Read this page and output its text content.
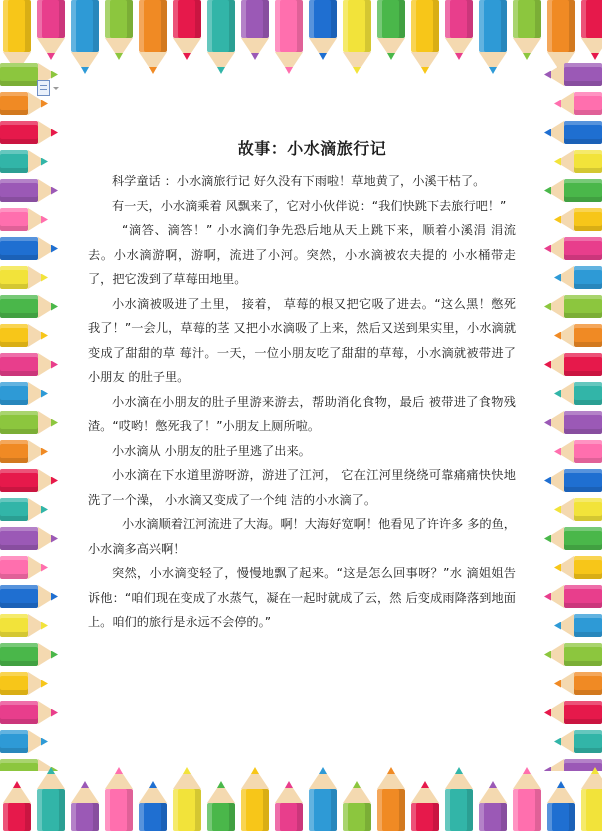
故事：小水滴旅行记

科学童话 ：小水滴旅行记 好久没有下雨啦！草地黄了，小溪干枯了。

有一天，小水滴乘着 风飘来了，它对小伙伴说：“我们快跳下去旅行吧！”

“滴答、滴答！” 小水滴们争先恐后地从天上跳下来，顺着小溪涓 涓流去。小水滴游啊，游啊，流进了小河。突然，小水滴被农夫提的 小水桶带走了，把它泼到了草莓田地里。

小水滴被吸进了土里， 接着， 草莓的根又把它吸了进去。“这么黑！憋死我了！”一会儿，草莓的茎 又把小水滴吸了上来，然后又送到果实里，小水滴就变成了甜甜的草 莓汁。一天，一位小朋友吃了甜甜的草莓，小水滴就被带进了小朋友 的肚子里。

小水滴在小朋友的肚子里游来游去，帮助消化食物，最后 被带进了食物残渣。“哎哟！憋死我了！”小朋友上厕所啦。

小水滴从 小朋友的肚子里逃了出来。

小水滴在下水道里游呀游，游进了江河， 它在江河里绕绕可靠痛痛快快地洗了一个澡， 小水滴又变成了一个纯 洁的小水滴了。

小水滴顺着江河流进了大海。啊！大海好宽啊！他看见了许许多 多的鱼，小水滴多高兴啊！

突然，小水滴变轻了，慢慢地飘了起来。“这是怎么回事呀？”水 滴姐姐告诉他：“咱们现在变成了水蒸气，凝在一起时就成了云，然 后变成雨降落到地面上。咱们的旅行是永远不会停的。”
